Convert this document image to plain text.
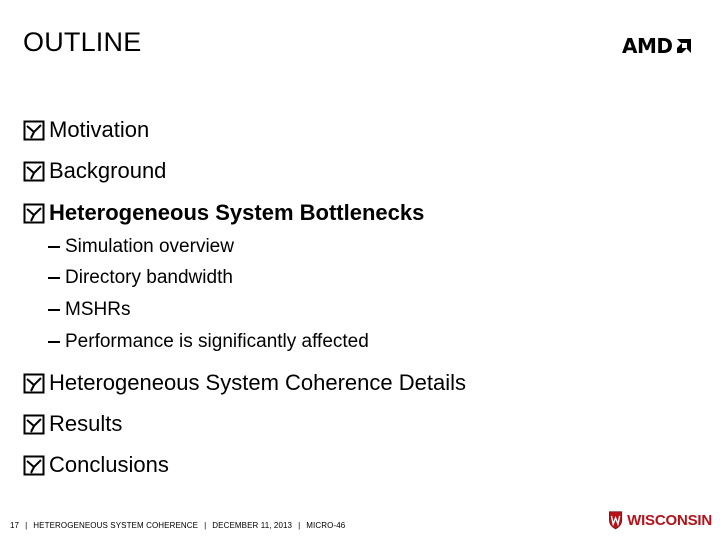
OUTLINE	AMD
Motivation
Background
Heterogeneous System Bottlenecks
Simulation overview
Directory bandwidth
MSHRs
Performance is significantly affected
Heterogeneous System Coherence Details
Results
Conclusions
17 | HETEROGENEOUS SYSTEM COHERENCE | DECEMBER 11, 2013 | MICRO-46	WISCONSIN
